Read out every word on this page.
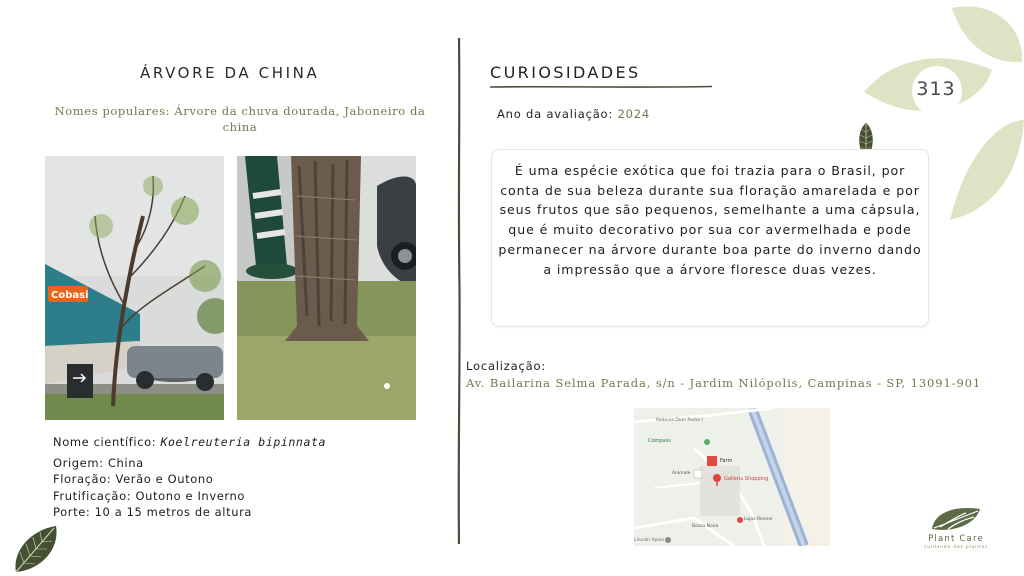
313
ÁRVORE DA CHINA
Nomes populares: Árvore da chuva dourada, Jaboneiro da china
Cobasi
Nome científico: Koelreuteria bipinnata
Origem: China
Floração: Verão e Outono
Frutificação: Outono e Inverno
Porte: 10 a 15 metros de altura
CURIOSIDADES
Ano da avaliação: 2024
É uma espécie exótica que foi trazia para o Brasil, por conta de sua beleza durante sua floração amarelada e por seus frutos que são pequenos, semelhante a uma cápsula, que é muito decorativo por sua cor avermelhada e pode permanecer na árvore durante boa parte do inverno dando a impressão que a árvore floresce duas vezes.
Localização:
Av. Bailarina Selma Parada, s/n - Jardim Nilópolis, Campinas - SP, 13091-901
Rodovia Dom Pedro I
Compass
Farm
Galleria Shopping
Animale
Lojas Renner
Bossa Nova
Lincoln Apoio	Plant Care
cuidando das plantas
